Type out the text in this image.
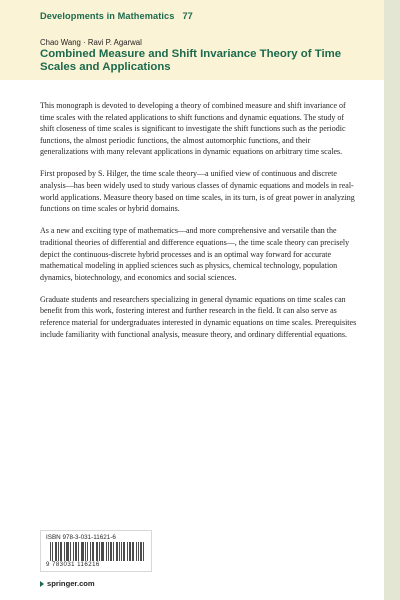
Developments in Mathematics 77
Chao Wang · Ravi P. Agarwal
Combined Measure and Shift Invariance Theory of Time Scales and Applications

This monograph is devoted to developing a theory of combined measure and shift invariance of time scales with the related applications to shift functions and dynamic equations. The study of shift closeness of time scales is significant to investigate the shift functions such as the periodic functions, the almost periodic functions, the almost automorphic functions, and their generalizations with many relevant applications in dynamic equations on arbitrary time scales.

First proposed by S. Hilger, the time scale theory—a unified view of continuous and discrete analysis—has been widely used to study various classes of dynamic equations and models in real-world applications. Measure theory based on time scales, in its turn, is of great power in analyzing functions on time scales or hybrid domains.

As a new and exciting type of mathematics—and more comprehensive and versatile than the traditional theories of differential and difference equations—, the time scale theory can precisely depict the continuous-discrete hybrid processes and is an optimal way forward for accurate mathematical modeling in applied sciences such as physics, chemical technology, population dynamics, biotechnology, and economics and social sciences.

Graduate students and researchers specializing in general dynamic equations on time scales can benefit from this work, fostering interest and further research in the field. It can also serve as reference material for undergraduates interested in dynamic equations on time scales. Prerequisites include familiarity with functional analysis, measure theory, and ordinary differential equations.

ISBN 978-3-031-11621-6
9 783031 116216
springer.com
